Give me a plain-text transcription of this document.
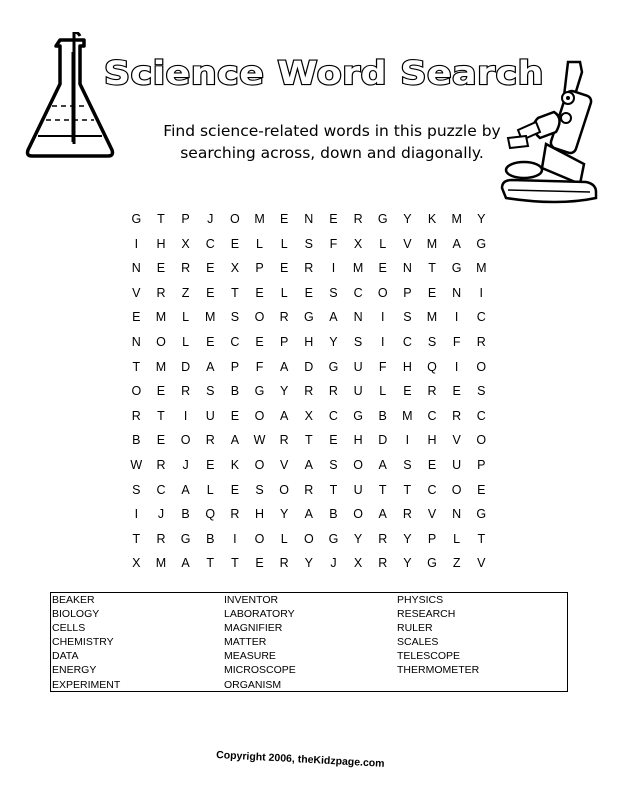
Science Word Search
Find science-related words in this puzzle by
searching across, down and diagonally.
G	T	P	J	O	M	E	N	E	R	G	Y	K	M	Y
I	H	X	C	E	L	L	S	F	X	L	V	M	A	G
N	E	R	E	X	P	E	R	I	M	E	N	T	G	M
V	R	Z	E	T	E	L	E	S	C	O	P	E	N	I
E	M	L	M	S	O	R	G	A	N	I	S	M	I	C
N	O	L	E	C	E	P	H	Y	S	I	C	S	F	R
T	M	D	A	P	F	A	D	G	U	F	H	Q	I	O
O	E	R	S	B	G	Y	R	R	U	L	E	R	E	S
R	T	I	U	E	O	A	X	C	G	B	M	C	R	C
B	E	O	R	A	W	R	T	E	H	D	I	H	V	O
W	R	J	E	K	O	V	A	S	O	A	S	E	U	P
S	C	A	L	E	S	O	R	T	U	T	T	C	O	E
I	J	B	Q	R	H	Y	A	B	O	A	R	V	N	G
T	R	G	B	I	O	L	O	G	Y	R	Y	P	L	T
X	M	A	T	T	E	R	Y	J	X	R	Y	G	Z	V
BEAKER
BIOLOGY
CELLS
CHEMISTRY
DATA
ENERGY
EXPERIMENT
INVENTOR
LABORATORY
MAGNIFIER
MATTER
MEASURE
MICROSCOPE
ORGANISM
PHYSICS
RESEARCH
RULER
SCALES
TELESCOPE
THERMOMETER
Copyright 2006, theKidzpage.com
